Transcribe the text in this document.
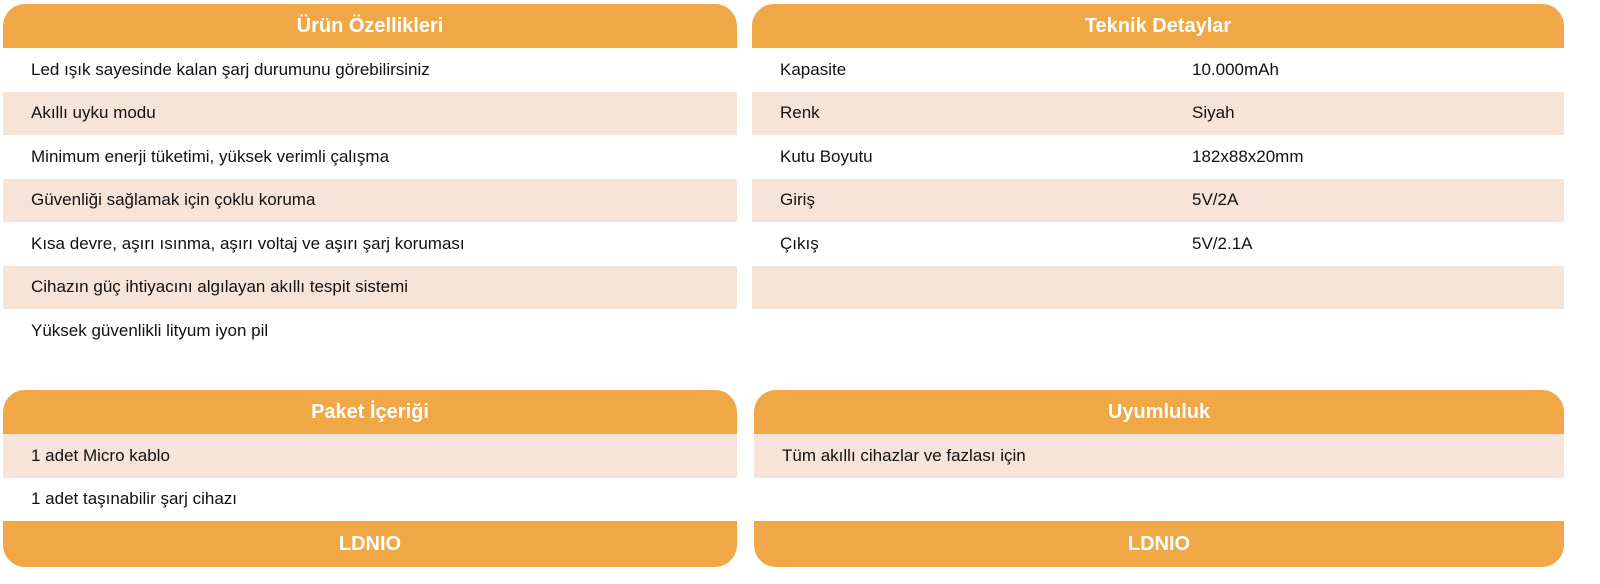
Ürün Özellikleri
Led ışık sayesinde kalan şarj durumunu görebilirsiniz
Akıllı uyku modu
Minimum enerji tüketimi, yüksek verimli çalışma
Güvenliği sağlamak için çoklu koruma
Kısa devre, aşırı ısınma, aşırı voltaj ve aşırı şarj koruması
Cihazın güç ihtiyacını algılayan akıllı tespit sistemi
Yüksek güvenlikli lityum iyon pil
Teknik Detaylar
Kapasite	10.000mAh
Renk	Siyah
Kutu Boyutu	182x88x20mm
Giriş	5V/2A
Çıkış	5V/2.1A
Paket İçeriği
1 adet Micro kablo
1 adet taşınabilir şarj cihazı
LDNIO
Uyumluluk
Tüm akıllı cihazlar ve fazlası için
LDNIO
